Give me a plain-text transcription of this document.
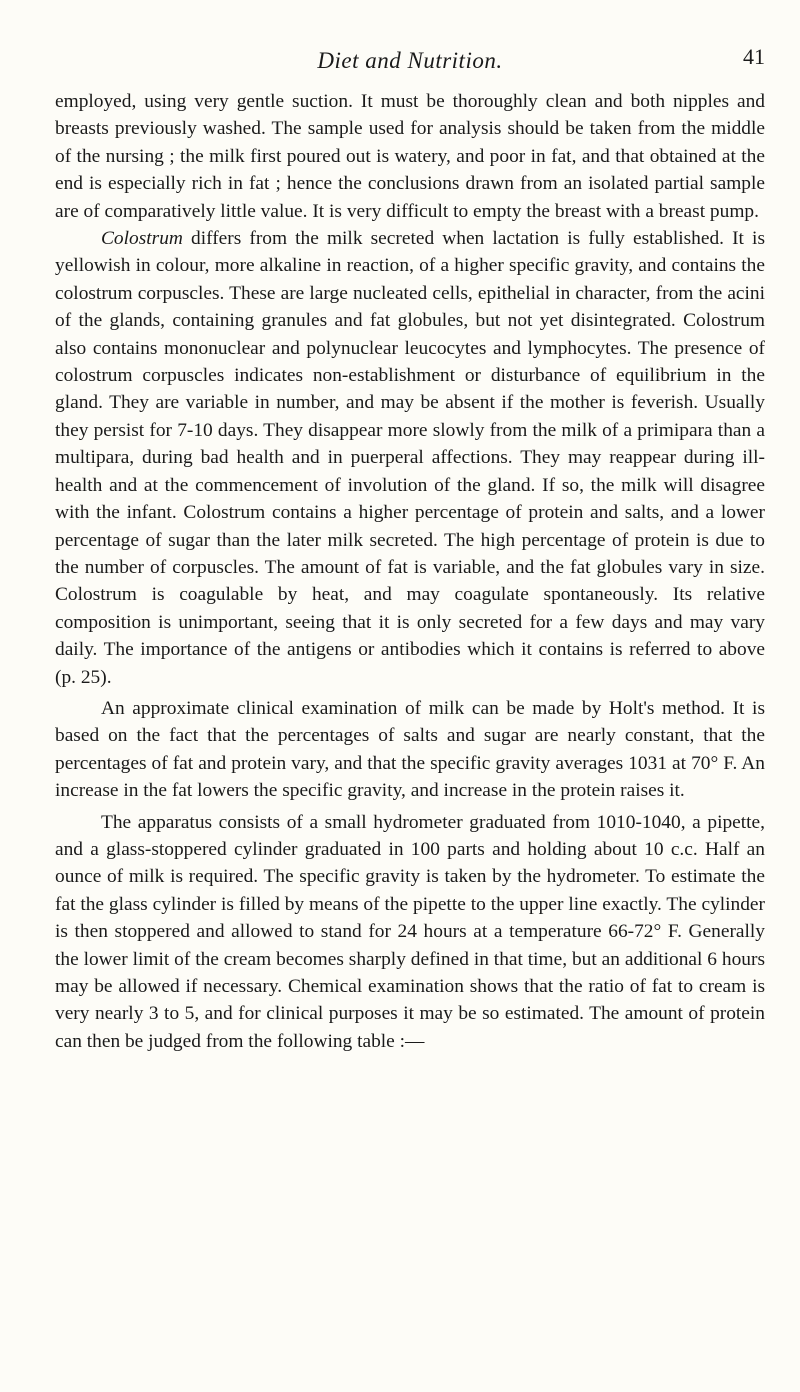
Diet and Nutrition.	41

employed, using very gentle suction. It must be thoroughly clean and both nipples and breasts previously washed. The sample used for analysis should be taken from the middle of the nursing ; the milk first poured out is watery, and poor in fat, and that obtained at the end is especially rich in fat ; hence the conclusions drawn from an isolated partial sample are of comparatively little value. It is very difficult to empty the breast with a breast pump.

Colostrum differs from the milk secreted when lactation is fully established. It is yellowish in colour, more alkaline in reaction, of a higher specific gravity, and contains the colostrum corpuscles. These are large nucleated cells, epithelial in character, from the acini of the glands, containing granules and fat globules, but not yet disintegrated. Colostrum also contains mononuclear and polynuclear leucocytes and lymphocytes. The presence of colostrum corpuscles indicates non-establishment or disturbance of equilibrium in the gland. They are variable in number, and may be absent if the mother is feverish. Usually they persist for 7-10 days. They disappear more slowly from the milk of a primipara than a multipara, during bad health and in puerperal affections. They may reappear during ill-health and at the commencement of involution of the gland. If so, the milk will disagree with the infant. Colostrum contains a higher percentage of protein and salts, and a lower percentage of sugar than the later milk secreted. The high percentage of protein is due to the number of corpuscles. The amount of fat is variable, and the fat globules vary in size. Colostrum is coagulable by heat, and may coagulate spontaneously. Its relative composition is unimportant, seeing that it is only secreted for a few days and may vary daily. The importance of the antigens or antibodies which it contains is referred to above (p. 25).

An approximate clinical examination of milk can be made by Holt's method. It is based on the fact that the percentages of salts and sugar are nearly constant, that the percentages of fat and protein vary, and that the specific gravity averages 1031 at 70° F. An increase in the fat lowers the specific gravity, and increase in the protein raises it.

The apparatus consists of a small hydrometer graduated from 1010-1040, a pipette, and a glass-stoppered cylinder graduated in 100 parts and holding about 10 c.c. Half an ounce of milk is required. The specific gravity is taken by the hydrometer. To estimate the fat the glass cylinder is filled by means of the pipette to the upper line exactly. The cylinder is then stoppered and allowed to stand for 24 hours at a temperature 66-72° F. Generally the lower limit of the cream becomes sharply defined in that time, but an additional 6 hours may be allowed if necessary. Chemical examination shows that the ratio of fat to cream is very nearly 3 to 5, and for clinical purposes it may be so estimated. The amount of protein can then be judged from the following table :—
